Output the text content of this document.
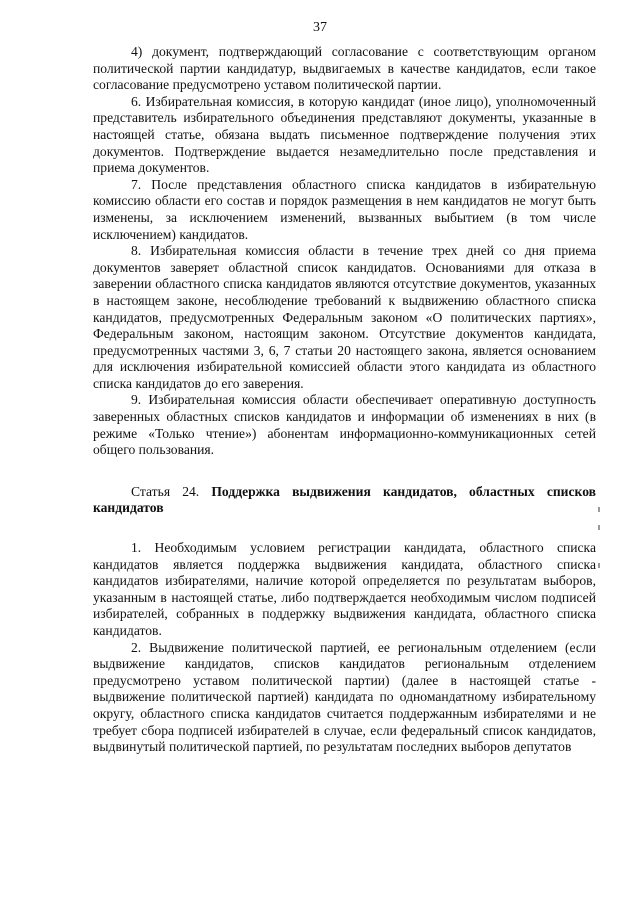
37

4) документ, подтверждающий согласование с соответствующим органом политической партии кандидатур, выдвигаемых в качестве кандидатов, если такое согласование предусмотрено уставом политической партии.

6. Избирательная комиссия, в которую кандидат (иное лицо), уполномоченный представитель избирательного объединения представляют документы, указанные в настоящей статье, обязана выдать письменное подтверждение получения этих документов. Подтверждение выдается незамедлительно после представления и приема документов.

7. После представления областного списка кандидатов в избирательную комиссию области его состав и порядок размещения в нем кандидатов не могут быть изменены, за исключением изменений, вызванных выбытием (в том числе исключением) кандидатов.

8. Избирательная комиссия области в течение трех дней со дня приема документов заверяет областной список кандидатов. Основаниями для отказа в заверении областного списка кандидатов являются отсутствие документов, указанных в настоящем законе, несоблюдение требований к выдвижению областного списка кандидатов, предусмотренных Федеральным законом «О политических партиях», Федеральным законом, настоящим законом. Отсутствие документов кандидата, предусмотренных частями 3, 6, 7 статьи 20 настоящего закона, является основанием для исключения избирательной комиссией области этого кандидата из областного списка кандидатов до его заверения.

9. Избирательная комиссия области обеспечивает оперативную доступность заверенных областных списков кандидатов и информации об изменениях в них (в режиме «Только чтение») абонентам информационно-коммуникационных сетей общего пользования.

Статья 24. Поддержка выдвижения кандидатов, областных списков кандидатов

1. Необходимым условием регистрации кандидата, областного списка кандидатов является поддержка выдвижения кандидата, областного списка кандидатов избирателями, наличие которой определяется по результатам выборов, указанным в настоящей статье, либо подтверждается необходимым числом подписей избирателей, собранных в поддержку выдвижения кандидата, областного списка кандидатов.

2. Выдвижение политической партией, ее региональным отделением (если выдвижение кандидатов, списков кандидатов региональным отделением предусмотрено уставом политической партии) (далее в настоящей статье - выдвижение политической партией) кандидата по одномандатному избирательному округу, областного списка кандидатов считается поддержанным избирателями и не требует сбора подписей избирателей в случае, если федеральный список кандидатов, выдвинутый политической партией, по результатам последних выборов депутатов
